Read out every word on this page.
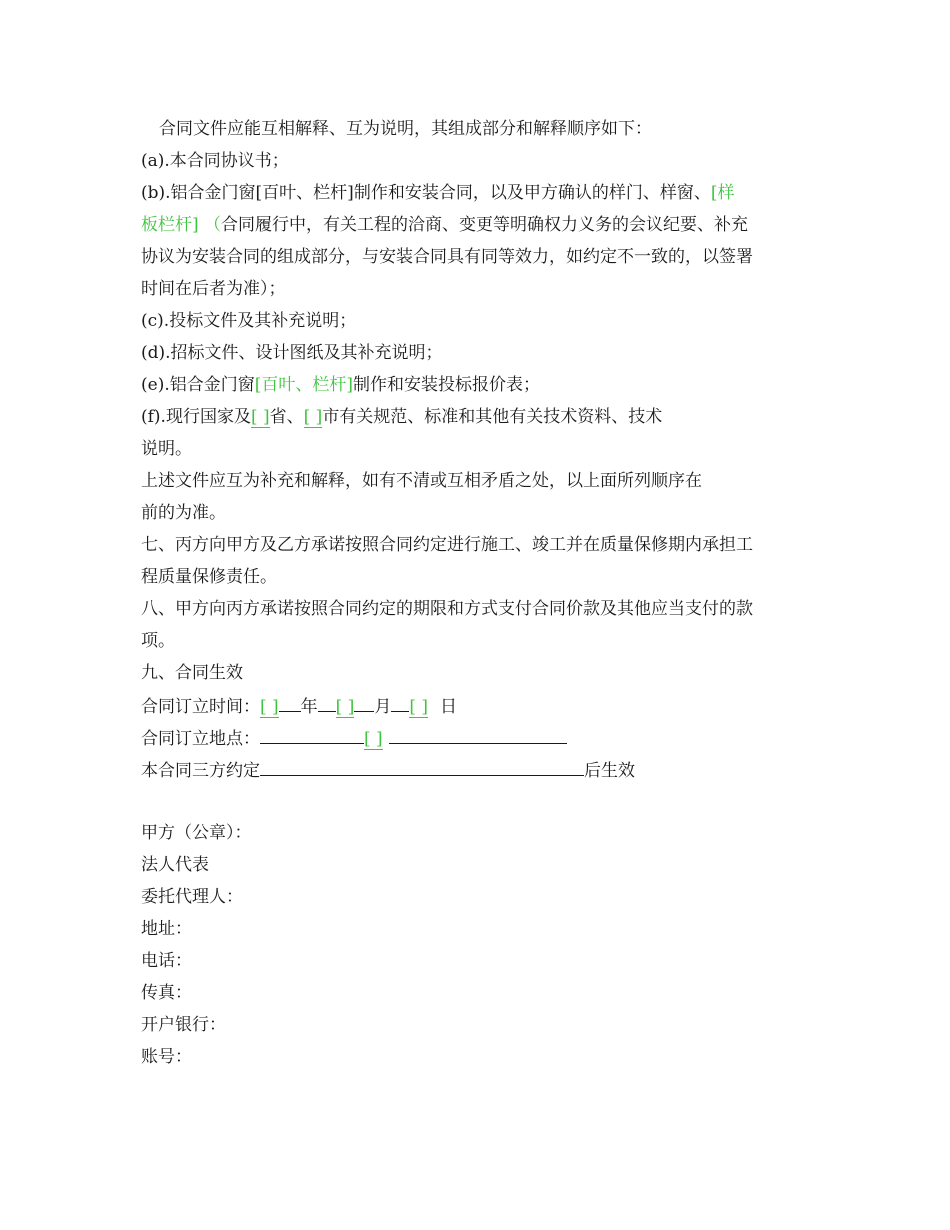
合同文件应能互相解释、互为说明，其组成部分和解释顺序如下：
(a).本合同协议书；
(b).铝合金门窗[百叶、栏杆]制作和安装合同，以及甲方确认的样门、样窗、[样
板栏杆] （合同履行中，有关工程的洽商、变更等明确权力义务的会议纪要、补充
协议为安装合同的组成部分，与安装合同具有同等效力，如约定不一致的，以签署
时间在后者为准）；
(c).投标文件及其补充说明；
(d).招标文件、设计图纸及其补充说明；
(e).铝合金门窗[百叶、栏杆]制作和安装投标报价表；
(f).现行国家及[ ]省、[ ]市有关规范、标准和其他有关技术资料、技术
说明。
上述文件应互为补充和解释，如有不清或互相矛盾之处，以上面所列顺序在
前的为准。
七、丙方向甲方及乙方承诺按照合同约定进行施工、竣工并在质量保修期内承担工
程质量保修责任。
八、甲方向丙方承诺按照合同约定的期限和方式支付合同价款及其他应当支付的款
项。
九、合同生效
合同订立时间：[ ] 年 [ ] 月 [ ] 日
合同订立地点：	[ ]
本合同三方约定	后生效
甲方（公章）：
法人代表
委托代理人：
地址：
电话：
传真：
开户银行：
账号：
